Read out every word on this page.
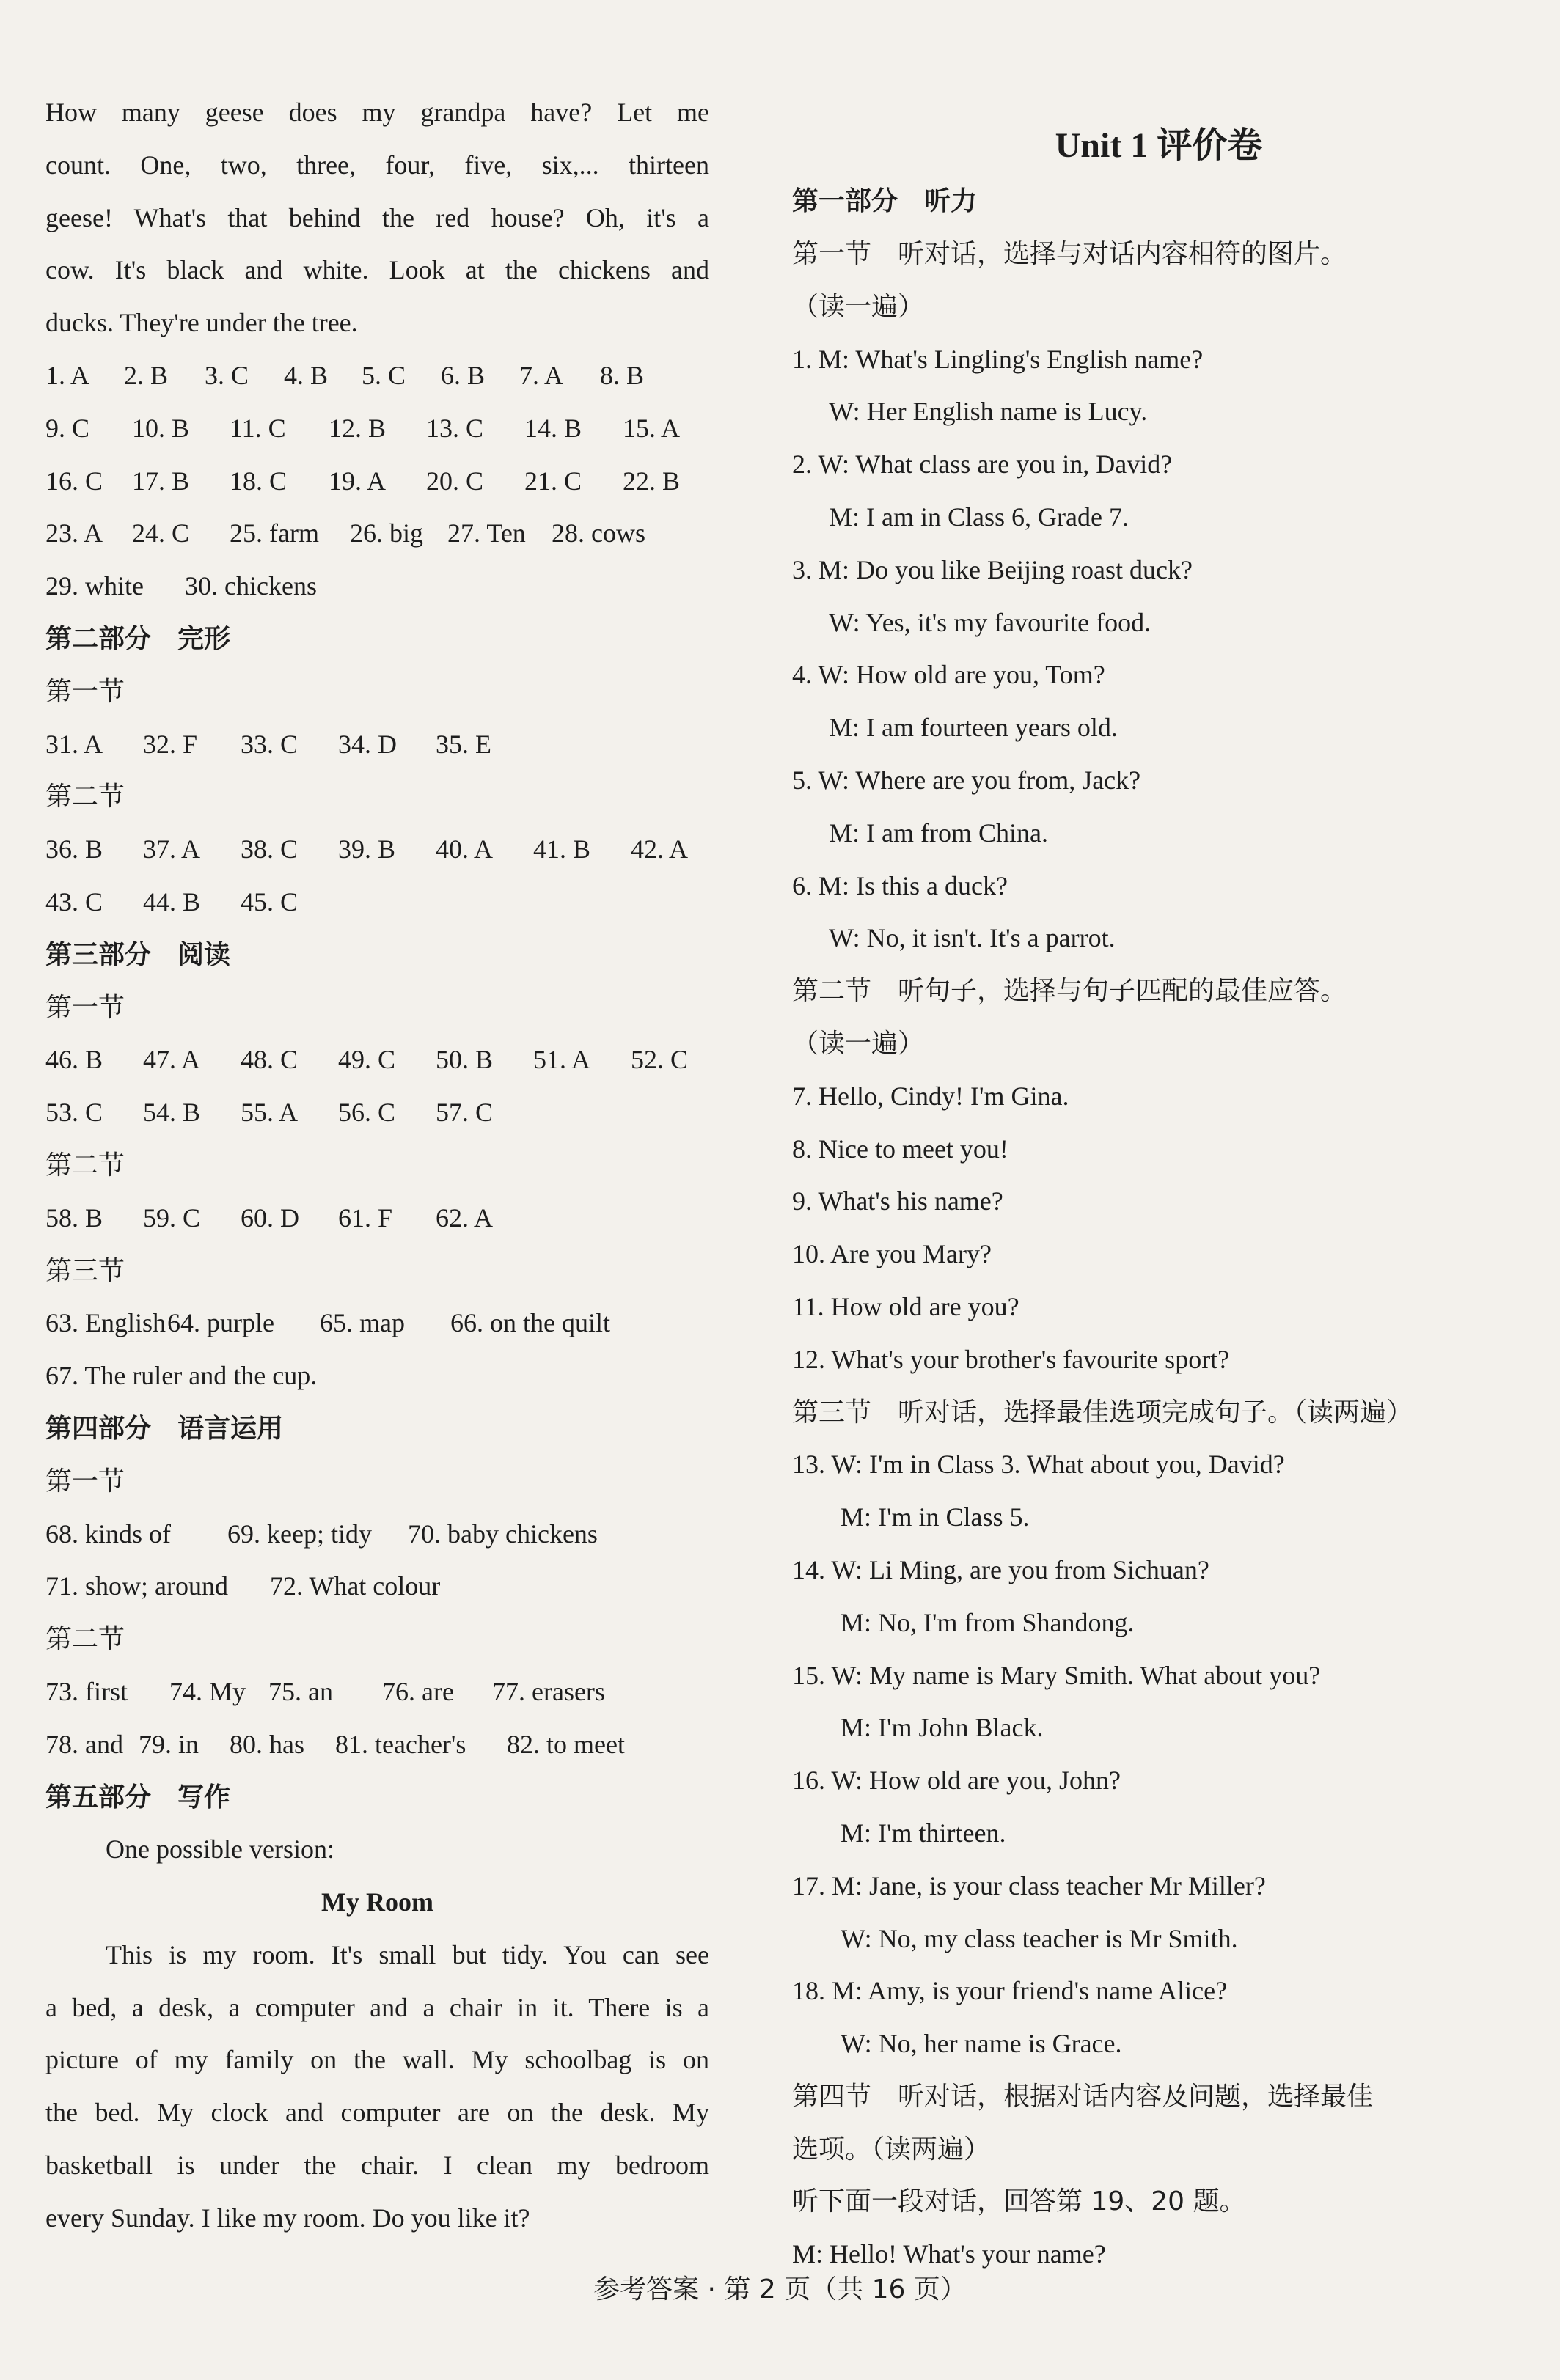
How many geese does my grandpa have? Let me
count. One, two, three, four, five, six,... thirteen
geese! What's that behind the red house? Oh, it's a
cow. It's black and white. Look at the chickens and
ducks. They're under the tree.
1. A 2. B 3. C 4. B 5. C 6. B 7. A 8. B
9. C 10. B 11. C 12. B 13. C 14. B 15. A
16. C 17. B 18. C 19. A 20. C 21. C 22. B
23. A 24. C 25. farm 26. big 27. Ten 28. cows
29. white 30. chickens
第二部分　完形
第一节
31. A 32. F 33. C 34. D 35. E
第二节
36. B 37. A 38. C 39. B 40. A 41. B 42. A
43. C 44. B 45. C
第三部分　阅读
第一节
46. B 47. A 48. C 49. C 50. B 51. A 52. C
53. C 54. B 55. A 56. C 57. C
第二节
58. B 59. C 60. D 61. F 62. A
第三节
63. English64. purple 65. map 66. on the quilt
67. The ruler and the cup.
第四部分　语言运用
第一节
68. kinds of 69. keep; tidy 70. baby chickens
71. show; around 72. What colour
第二节
73. first 74. My 75. an 76. are 77. erasers
78. and 79. in 80. has 81. teacher's 82. to meet
第五部分　写作
One possible version:
My Room
This is my room. It's small but tidy. You can see
a bed, a desk, a computer and a chair in it. There is a
picture of my family on the wall. My schoolbag is on
the bed. My clock and computer are on the desk. My
basketball is under the chair. I clean my bedroom
every Sunday. I like my room. Do you like it?
Unit 1 评价卷
第一部分　听力
第一节　听对话，选择与对话内容相符的图片。
（读一遍）
1. M: What's Lingling's English name?
W: Her English name is Lucy.
2. W: What class are you in, David?
M: I am in Class 6, Grade 7.
3. M: Do you like Beijing roast duck?
W: Yes, it's my favourite food.
4. W: How old are you, Tom?
M: I am fourteen years old.
5. W: Where are you from, Jack?
M: I am from China.
6. M: Is this a duck?
W: No, it isn't. It's a parrot.
第二节　听句子，选择与句子匹配的最佳应答。
（读一遍）
7. Hello, Cindy! I'm Gina.
8. Nice to meet you!
9. What's his name?
10. Are you Mary?
11. How old are you?
12. What's your brother's favourite sport?
第三节　听对话，选择最佳选项完成句子。（读两遍）
13. W: I'm in Class 3. What about you, David?
M: I'm in Class 5.
14. W: Li Ming, are you from Sichuan?
M: No, I'm from Shandong.
15. W: My name is Mary Smith. What about you?
M: I'm John Black.
16. W: How old are you, John?
M: I'm thirteen.
17. M: Jane, is your class teacher Mr Miller?
W: No, my class teacher is Mr Smith.
18. M: Amy, is your friend's name Alice?
W: No, her name is Grace.
第四节　听对话，根据对话内容及问题，选择最佳
选项。（读两遍）
听下面一段对话，回答第 19、20 题。
M: Hello! What's your name?
参考答案 · 第 2 页（共 16 页）
